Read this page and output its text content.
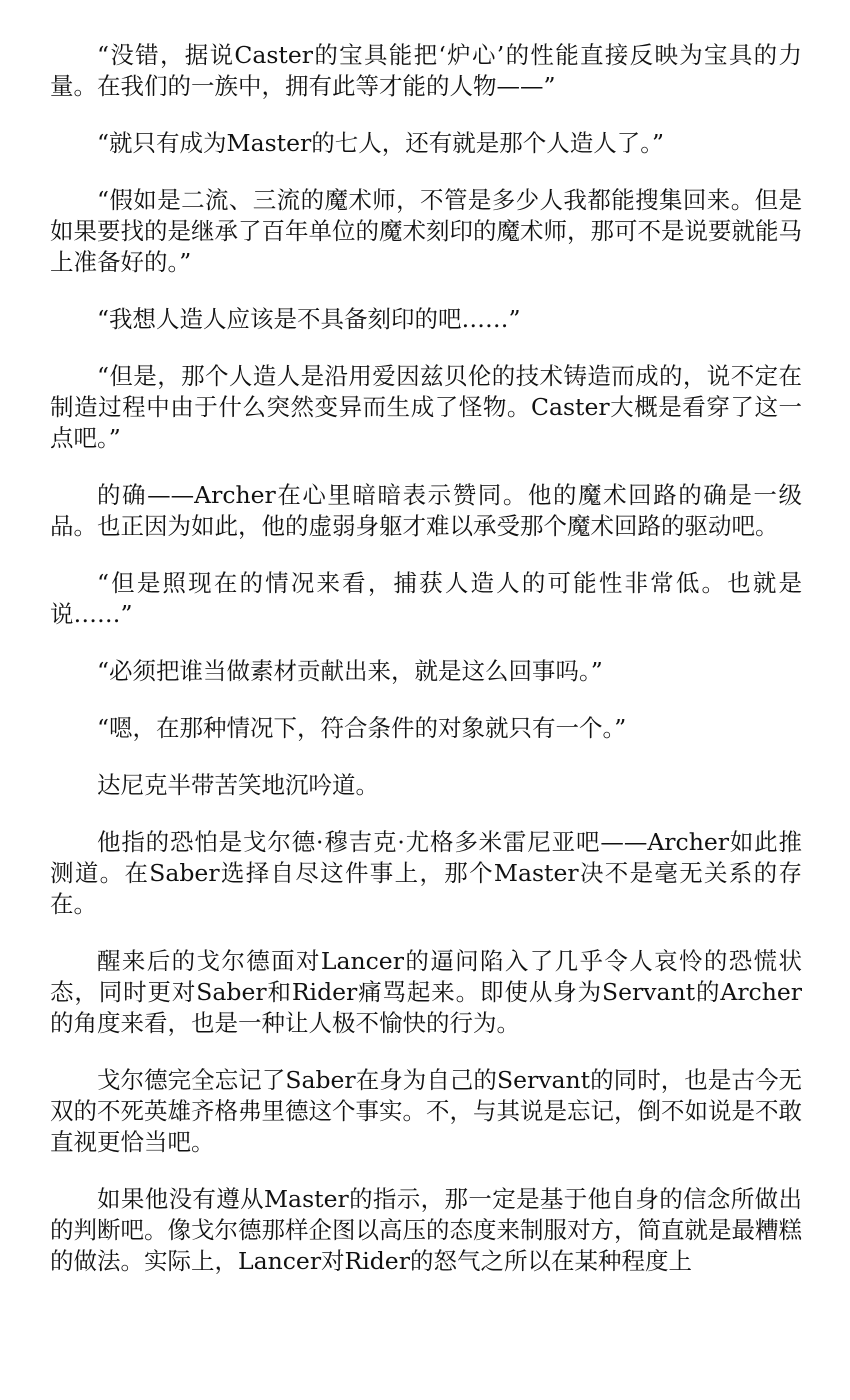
“没错，据说Caster的宝具能把‘炉心’的性能直接反映为宝具的力量。在我们的一族中，拥有此等才能的人物——”

“就只有成为Master的七人，还有就是那个人造人了。”

“假如是二流、三流的魔术师，不管是多少人我都能搜集回来。但是如果要找的是继承了百年单位的魔术刻印的魔术师，那可不是说要就能马上准备好的。”

“我想人造人应该是不具备刻印的吧……”

“但是，那个人造人是沿用爱因兹贝伦的技术铸造而成的，说不定在制造过程中由于什么突然变异而生成了怪物。Caster大概是看穿了这一点吧。”

的确——Archer在心里暗暗表示赞同。他的魔术回路的确是一级品。也正因为如此，他的虚弱身躯才难以承受那个魔术回路的驱动吧。

“但是照现在的情况来看，捕获人造人的可能性非常低。也就是说……”

“必须把谁当做素材贡献出来，就是这么回事吗。”

“嗯，在那种情况下，符合条件的对象就只有一个。”

达尼克半带苦笑地沉吟道。

他指的恐怕是戈尔德·穆吉克·尤格多米雷尼亚吧——Archer如此推测道。在Saber选择自尽这件事上，那个Master决不是毫无关系的存在。

醒来后的戈尔德面对Lancer的逼问陷入了几乎令人哀怜的恐慌状态，同时更对Saber和Rider痛骂起来。即使从身为Servant的Archer的角度来看，也是一种让人极不愉快的行为。

戈尔德完全忘记了Saber在身为自己的Servant的同时，也是古今无双的不死英雄齐格弗里德这个事实。不，与其说是忘记，倒不如说是不敢直视更恰当吧。

如果他没有遵从Master的指示，那一定是基于他自身的信念所做出的判断吧。像戈尔德那样企图以高压的态度来制服对方，简直就是最糟糕的做法。实际上，Lancer对Rider的怒气之所以在某种程度上
